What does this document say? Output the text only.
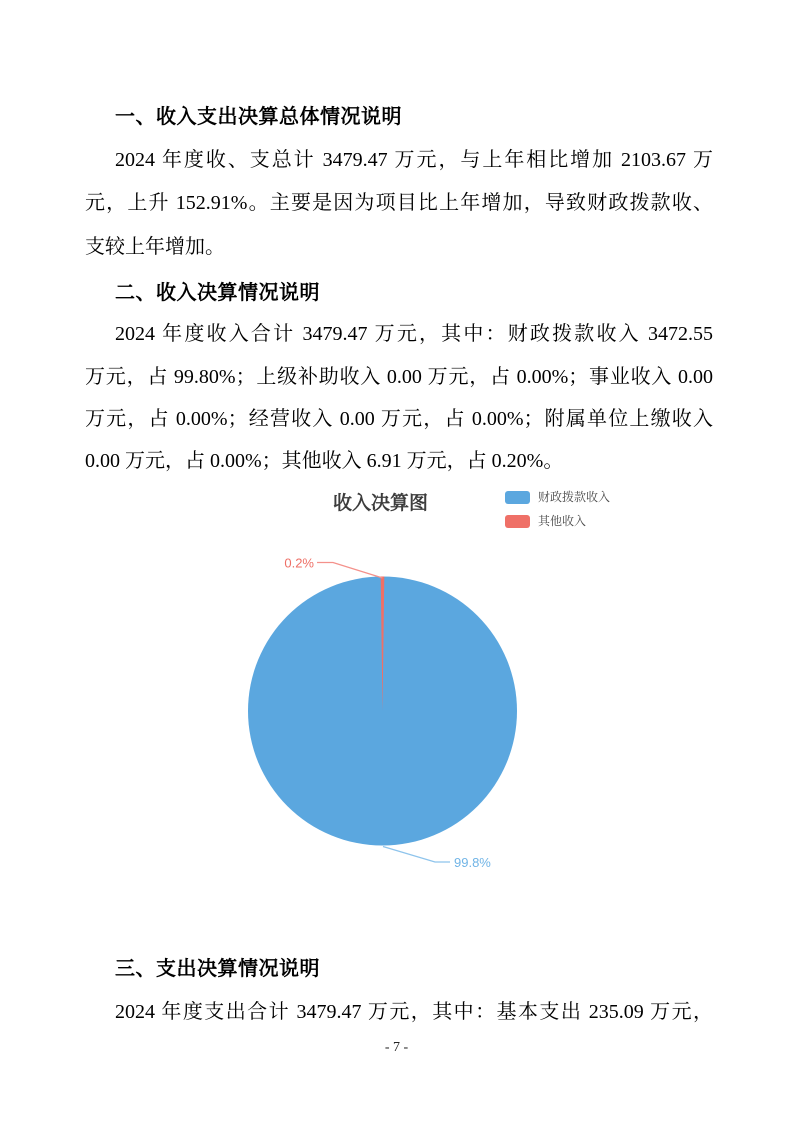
一、收入支出决算总体情况说明
2024 年度收、支总计 3479.47 万元，与上年相比增加 2103.67 万
元，上升 152.91%。主要是因为项目比上年增加，导致财政拨款收、
支较上年增加。
二、收入决算情况说明
2024 年度收入合计 3479.47 万元，其中：财政拨款收入 3472.55
万元，占 99.80%；上级补助收入 0.00 万元，占 0.00%；事业收入 0.00
万元，占 0.00%；经营收入 0.00 万元，占 0.00%；附属单位上缴收入
0.00 万元，占 0.00%；其他收入 6.91 万元，占 0.20%。
收入决算图	财政拨款收入
其他收入
0.2%
99.8%
三、支出决算情况说明
2024 年度支出合计 3479.47 万元，其中：基本支出 235.09 万元，
- 7 -
